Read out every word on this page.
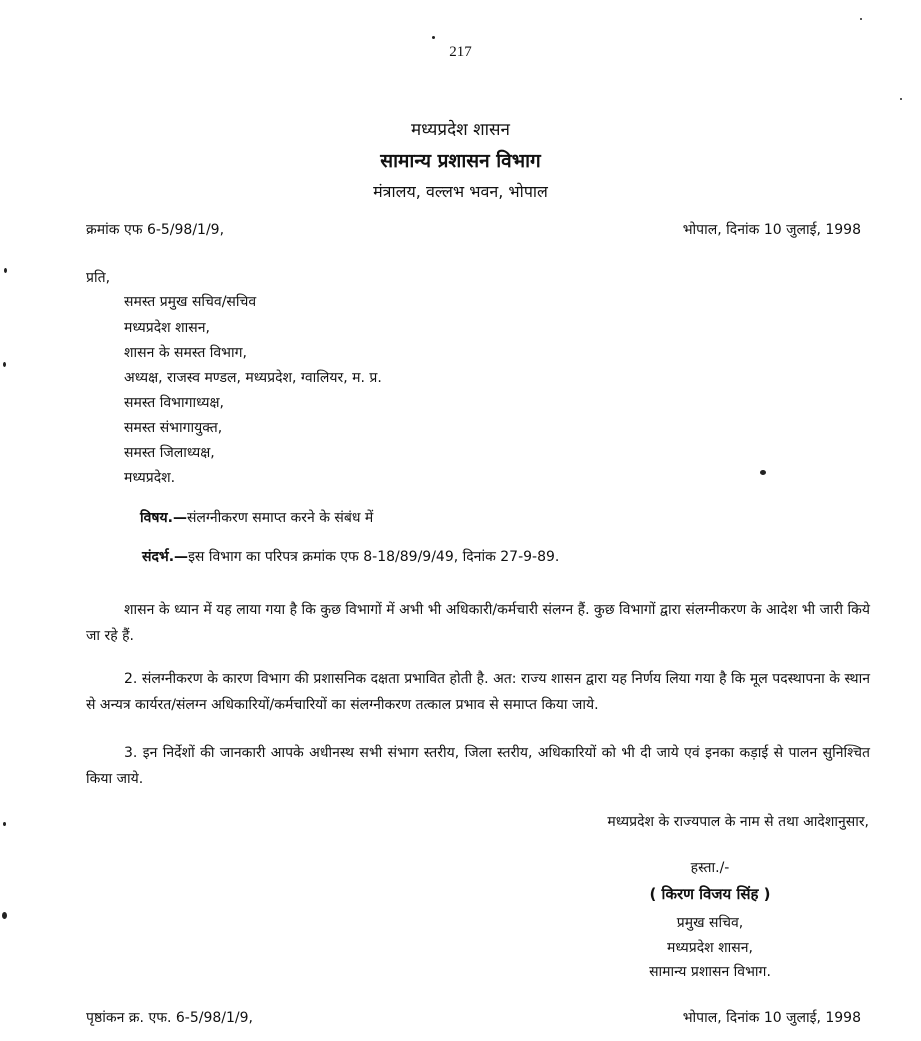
217
मध्यप्रदेश शासन
सामान्य प्रशासन विभाग
मंत्रालय, वल्लभ भवन, भोपाल
क्रमांक एफ 6-5/98/1/9,	भोपाल, दिनांक 10 जुलाई, 1998
प्रति,
समस्त प्रमुख सचिव/सचिव
मध्यप्रदेश शासन,
शासन के समस्त विभाग,
अध्यक्ष, राजस्व मण्डल, मध्यप्रदेश, ग्वालियर, म. प्र.
समस्त विभागाध्यक्ष,
समस्त संभागायुक्त,
समस्त जिलाध्यक्ष,
मध्यप्रदेश.
विषय.—संलग्नीकरण समाप्त करने के संबंध में
संदर्भ.—इस विभाग का परिपत्र क्रमांक एफ 8-18/89/9/49, दिनांक 27-9-89.
शासन के ध्यान में यह लाया गया है कि कुछ विभागों में अभी भी अधिकारी/कर्मचारी संलग्न हैं. कुछ विभागों द्वारा संलग्नीकरण के आदेश भी जारी किये जा रहे हैं.
2. संलग्नीकरण के कारण विभाग की प्रशासनिक दक्षता प्रभावित होती है. अत: राज्य शासन द्वारा यह निर्णय लिया गया है कि मूल पदस्थापना के स्थान से अन्यत्र कार्यरत/संलग्न अधिकारियों/कर्मचारियों का संलग्नीकरण तत्काल प्रभाव से समाप्त किया जाये.
3. इन निर्देशों की जानकारी आपके अधीनस्थ सभी संभाग स्तरीय, जिला स्तरीय, अधिकारियों को भी दी जाये एवं इनका कड़ाई से पालन सुनिश्चित किया जाये.
मध्यप्रदेश के राज्यपाल के नाम से तथा आदेशानुसार,
हस्ता./-
( किरण विजय सिंह )
प्रमुख सचिव,
मध्यप्रदेश शासन,
सामान्य प्रशासन विभाग.
पृष्ठांकन क्र. एफ. 6-5/98/1/9,	भोपाल, दिनांक 10 जुलाई, 1998
